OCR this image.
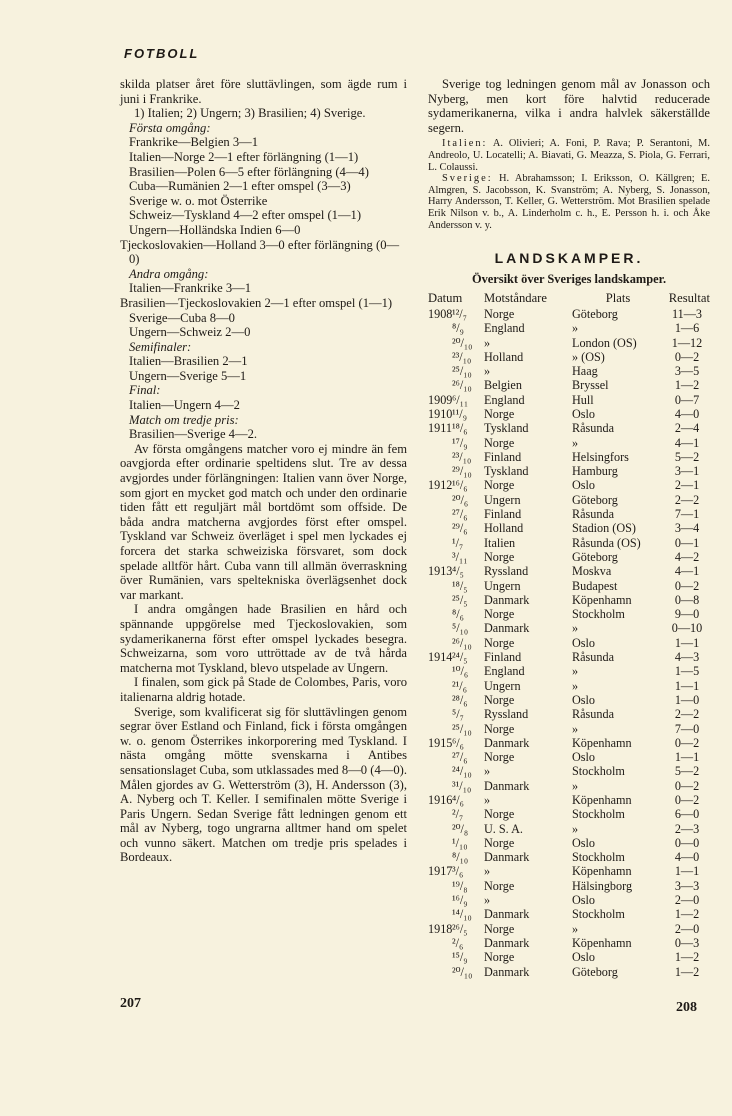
FOTBOLL

skilda platser året före sluttävlingen, som ägde rum i juni i Frankrike.

1) Italien; 2) Ungern; 3) Brasilien; 4) Sverige.

Första omgång:

Frankrike—Belgien 3—1

Italien—Norge 2—1 efter förlängning (1—1)

Brasilien—Polen 6—5 efter förlängning (4—4)

Cuba—Rumänien 2—1 efter omspel (3—3)

Sverige w. o. mot Österrike

Schweiz—Tyskland 4—2 efter omspel (1—1)

Ungern—Holländska Indien 6—0

Tjeckoslovakien—Holland 3—0 efter förlängning (0—0)

Andra omgång:

Italien—Frankrike 3—1

Brasilien—Tjeckoslovakien 2—1 efter omspel (1—1)

Sverige—Cuba 8—0

Ungern—Schweiz 2—0

Semifinaler:

Italien—Brasilien 2—1

Ungern—Sverige 5—1

Final:

Italien—Ungern 4—2

Match om tredje pris:

Brasilien—Sverige 4—2.

Av första omgångens matcher voro ej mindre än fem oavgjorda efter ordinarie speltidens slut. Tre av dessa avgjordes under förlängningen: Italien vann över Norge, som gjort en mycket god match och under den ordinarie tiden fått ett reguljärt mål bortdömt som offside. De båda andra matcherna avgjordes först efter omspel. Tyskland var Schweiz överläget i spel men lyckades ej forcera det starka schweiziska försvaret, som dock spelade alltför hårt. Cuba vann till allmän överraskning över Rumänien, vars speltekniska överlägsenhet dock var markant.

I andra omgången hade Brasilien en hård och spännande uppgörelse med Tjeckoslovakien, som sydamerikanerna först efter omspel lyckades besegra. Schweizarna, som voro uttröttade av de två hårda matcherna mot Tyskland, blevo utspelade av Ungern.

I finalen, som gick på Stade de Colombes, Paris, voro italienarna aldrig hotade.

Sverige, som kvalificerat sig för sluttävlingen genom segrar över Estland och Finland, fick i första omgången w. o. genom Österrikes inkorporering med Tyskland. I nästa omgång mötte svenskarna i Antibes sensationslaget Cuba, som utklassades med 8—0 (4—0). Målen gjordes av G. Wetterström (3), H. Andersson (3), A. Nyberg och T. Keller. I semifinalen mötte Sverige i Paris Ungern. Sedan Sverige fått ledningen genom ett mål av Nyberg, togo ungrarna alltmer hand om spelet och vunno säkert. Matchen om tredje pris spelades i Bordeaux.

Sverige tog ledningen genom mål av Jonasson och Nyberg, men kort före halvtid reducerade sydamerikanerna, vilka i andra halvlek säkerställde segern.

Italien: A. Olivieri; A. Foni, P. Rava; P. Serantoni, M. Andreolo, U. Locatelli; A. Biavati, G. Meazza, S. Piola, G. Ferrari, L. Colaussi.

Sverige: H. Abrahamsson; I. Eriksson, O. Källgren; E. Almgren, S. Jacobsson, K. Svanström; A. Nyberg, S. Jonasson, Harry Andersson, T. Keller, G. Wetterström. Mot Brasilien spelade Erik Nilson v. b., A. Linderholm c. h., E. Persson h. i. och Åke Andersson v. y.

LANDSKAMPER.
Översikt över Sveriges landskamper.
Datum	Motståndare	Plats	Resultat
1908 ¹²/₇	Norge	Göteborg	11—3
⁸/₉	England	»	1—6
²⁰/₁₀ »	London (OS)	1—12
²³/₁₀	Holland	» (OS)	0—2
²⁵/₁₀	»	Haag	3—5
²⁶/₁₀	Belgien	Bryssel	1—2
1909 ⁶/₁₁	England	Hull	0—7
1910 ¹¹/₉	Norge	Oslo	4—0
1911 ¹⁸/₆	Tyskland	Råsunda	2—4
¹⁷/₉	Norge	»	4—1
²³/₁₀	Finland	Helsingfors	5—2
²⁹/₁₀	Tyskland	Hamburg	3—1
1912 ¹⁶/₆	Norge	Oslo	2—1
²⁰/₆	Ungern	Göteborg	2—2
²⁷/₆	Finland	Råsunda	7—1
²⁹/₆	Holland	Stadion (OS)	3—4
¹/₇	Italien	Råsunda (OS)	0—1
³/₁₁	Norge	Göteborg	4—2
1913 ⁴/₅	Ryssland	Moskva	4—1
¹⁸/₅	Ungern	Budapest	0—2
²⁵/₅	Danmark	Köpenhamn	0—8
⁸/₆	Norge	Stockholm	9—0
⁵/₁₀	Danmark	»	0—10
²⁶/₁₀	Norge	Oslo	1—1
1914 ²⁴/₅	Finland	Råsunda	4—3
¹⁰/₆	England	»	1—5
²¹/₆	Ungern	»	1—1
²⁸/₆	Norge	Oslo	1—0
⁵/₇	Ryssland	Råsunda	2—2
²⁵/₁₀	Norge	»	7—0
1915 ⁶/₆	Danmark	Köpenhamn	0—2
²⁷/₆	Norge	Oslo	1—1
²⁴/₁₀	»	Stockholm	5—2
³¹/₁₀	Danmark	»	0—2
1916 ⁴/₆	»	Köpenhamn	0—2
²/₇	Norge	Stockholm	6—0
²⁰/₈	U. S. A.	»	2—3
¹/₁₀	Norge	Oslo	0—0
⁸/₁₀	Danmark	Stockholm	4—0
1917 ³/₆	»	Köpenhamn	1—1
¹⁹/₈	Norge	Hälsingborg	3—3
¹⁶/₉	»	Oslo	2—0
¹⁴/₁₀	Danmark	Stockholm	1—2
1918 ²⁶/₅	Norge	»	2—0
²/₆	Danmark	Köpenhamn	0—3
¹⁵/₉	Norge	Oslo	1—2
²⁰/₁₀ Danmark	Göteborg	1—2
207	208
